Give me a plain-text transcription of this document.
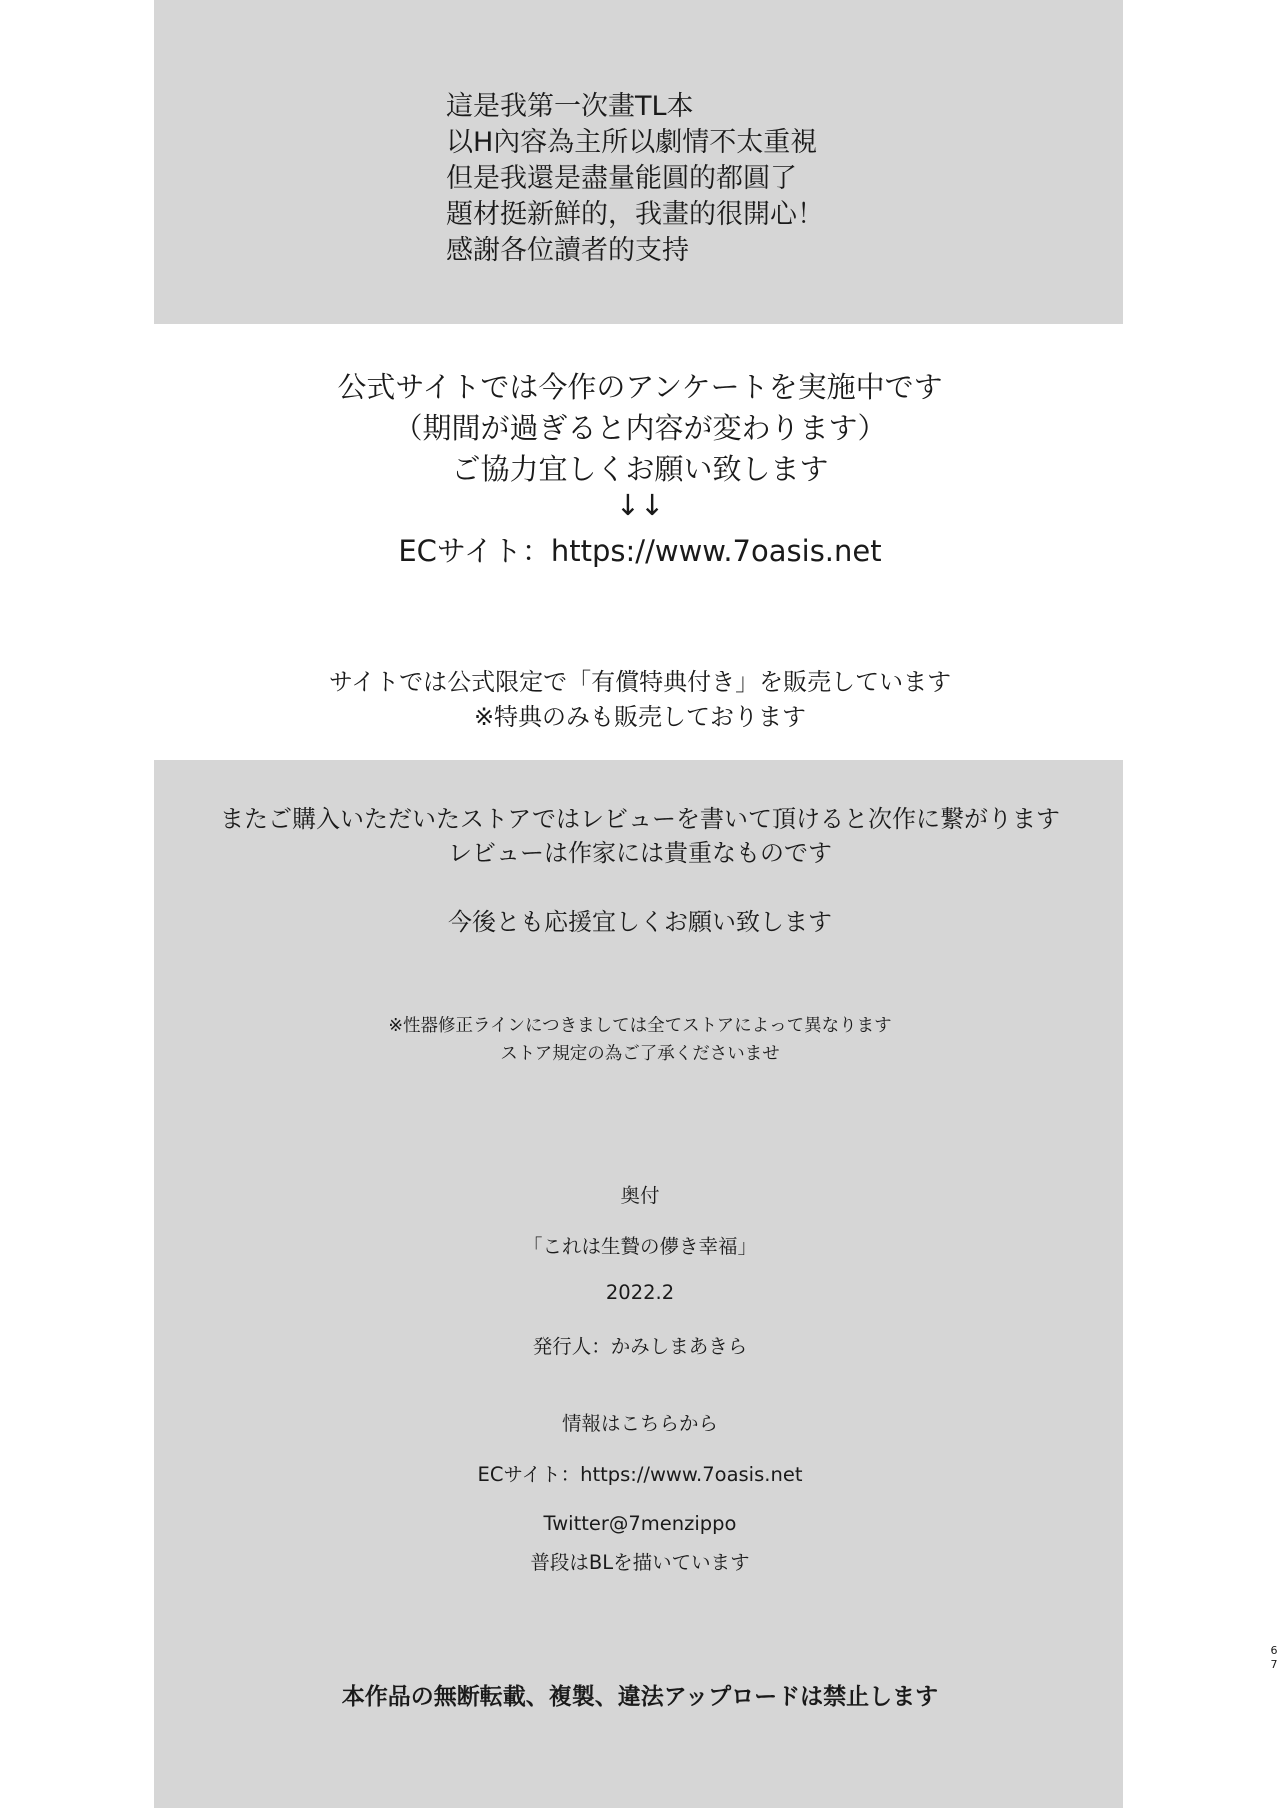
這是我第一次畫TL本

以H內容為主所以劇情不太重視

但是我還是盡量能圓的都圓了

題材挺新鮮的，我畫的很開心！

感謝各位讀者的支持

公式サイトでは今作のアンケートを実施中です

（期間が過ぎると内容が変わります）

ご協力宜しくお願い致します

↓↓

ECサイト：https://www.7oasis.net

サイトでは公式限定で「有償特典付き」を販売しています

※特典のみも販売しております

またご購入いただいたストアではレビューを書いて頂けると次作に繋がります

レビューは作家には貴重なものです

今後とも応援宜しくお願い致します

※性器修正ラインにつきましては全てストアによって異なります

ストア規定の為ご了承くださいませ

奥付

「これは生贄の儚き幸福」

2022.2

発行人：かみしまあきら

情報はこちらから

ECサイト：https://www.7oasis.net

Twitter@7menzippo

普段はBLを描いています

本作品の無断転載、複製、違法アップロードは禁止します

6
7
